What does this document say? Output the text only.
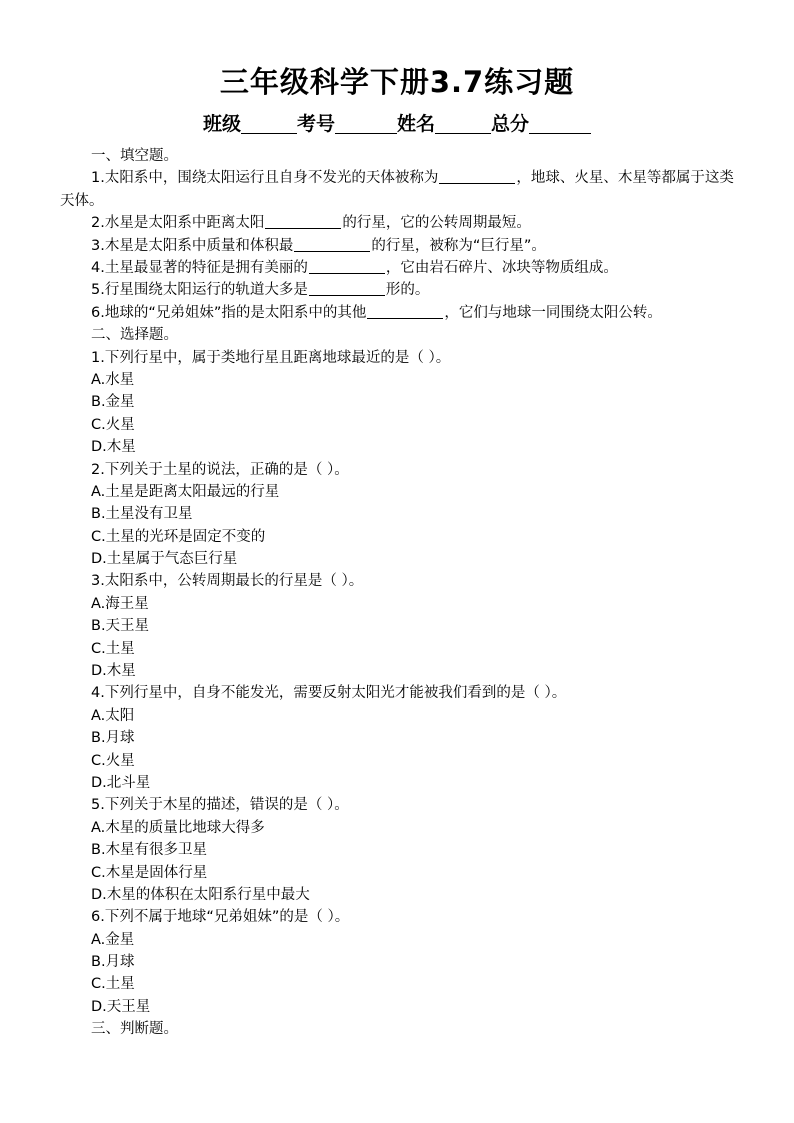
三年级科学下册3.7练习题
班级	考号	姓名	总分
一、填空题。
1.太阳系中，围绕太阳运行且自身不发光的天体被称为	，地球、火星、木星等都属于这类天体。
2.水星是太阳系中距离太阳	的行星，它的公转周期最短。
3.木星是太阳系中质量和体积最	的行星，被称为“巨行星”。
4.土星最显著的特征是拥有美丽的	，它由岩石碎片、冰块等物质组成。
5.行星围绕太阳运行的轨道大多是	形的。
6.地球的“兄弟姐妹”指的是太阳系中的其他	，它们与地球一同围绕太阳公转。
二、选择题。
1.下列行星中，属于类地行星且距离地球最近的是（ ）。
A.水星
B.金星
C.火星
D.木星
2.下列关于土星的说法，正确的是（ ）。
A.土星是距离太阳最远的行星
B.土星没有卫星
C.土星的光环是固定不变的
D.土星属于气态巨行星
3.太阳系中，公转周期最长的行星是（ ）。
A.海王星
B.天王星
C.土星
D.木星
4.下列行星中，自身不能发光，需要反射太阳光才能被我们看到的是（ ）。
A.太阳
B.月球
C.火星
D.北斗星
5.下列关于木星的描述，错误的是（ ）。
A.木星的质量比地球大得多
B.木星有很多卫星
C.木星是固体行星
D.木星的体积在太阳系行星中最大
6.下列不属于地球“兄弟姐妹”的是（ ）。
A.金星
B.月球
C.土星
D.天王星
三、判断题。
